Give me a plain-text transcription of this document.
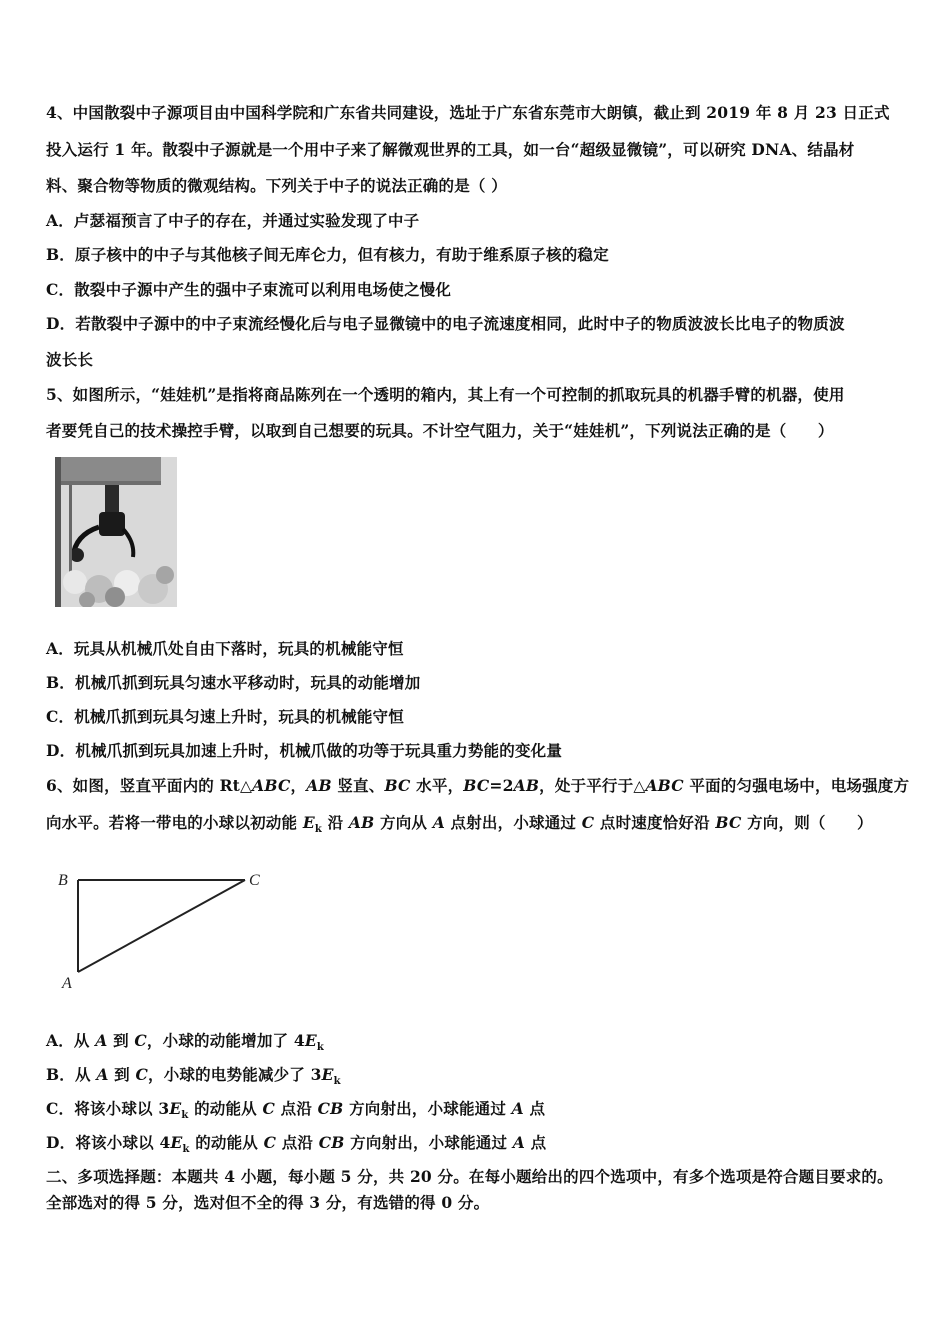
4、中国散裂中子源项目由中国科学院和广东省共同建设，选址于广东省东莞市大朗镇，截止到 2019 年 8 月 23 日正式
投入运行 1 年。散裂中子源就是一个用中子来了解微观世界的工具，如一台“超级显微镜”，可以研究 DNA、结晶材
料、聚合物等物质的微观结构。下列关于中子的说法正确的是（ ）
A．卢瑟福预言了中子的存在，并通过实验发现了中子
B．原子核中的中子与其他核子间无库仑力，但有核力，有助于维系原子核的稳定
C．散裂中子源中产生的强中子束流可以利用电场使之慢化
D．若散裂中子源中的中子束流经慢化后与电子显微镜中的电子流速度相同，此时中子的物质波波长比电子的物质波
波长长
5、如图所示，“娃娃机”是指将商品陈列在一个透明的箱内，其上有一个可控制的抓取玩具的机器手臂的机器，使用
者要凭自己的技术操控手臂，以取到自己想要的玩具。不计空气阻力，关于“娃娃机”，下列说法正确的是（　　）
A．玩具从机械爪处自由下落时，玩具的机械能守恒
B．机械爪抓到玩具匀速水平移动时，玩具的动能增加
C．机械爪抓到玩具匀速上升时，玩具的机械能守恒
D．机械爪抓到玩具加速上升时，机械爪做的功等于玩具重力势能的变化量
6、如图，竖直平面内的 Rt△ABC，AB 竖直、BC 水平，BC=2AB，处于平行于△ABC 平面的匀强电场中，电场强度方
向水平。若将一带电的小球以初动能 $E_k$ 沿 AB 方向从 A 点射出，小球通过 C 点时速度恰好沿 BC 方向，则（　　）
B	C
A
A．从 A 到 C，小球的动能增加了 $4E_k$
B．从 A 到 C，小球的电势能减少了 $3E_k$
C．将该小球以 $3E_k$ 的动能从 C 点沿 CB 方向射出，小球能通过 A 点
D．将该小球以 $4E_k$ 的动能从 C 点沿 CB 方向射出，小球能通过 A 点
二、多项选择题：本题共 4 小题，每小题 5 分，共 20 分。在每小题给出的四个选项中，有多个选项是符合题目要求的。
全部选对的得 5 分，选对但不全的得 3 分，有选错的得 0 分。
